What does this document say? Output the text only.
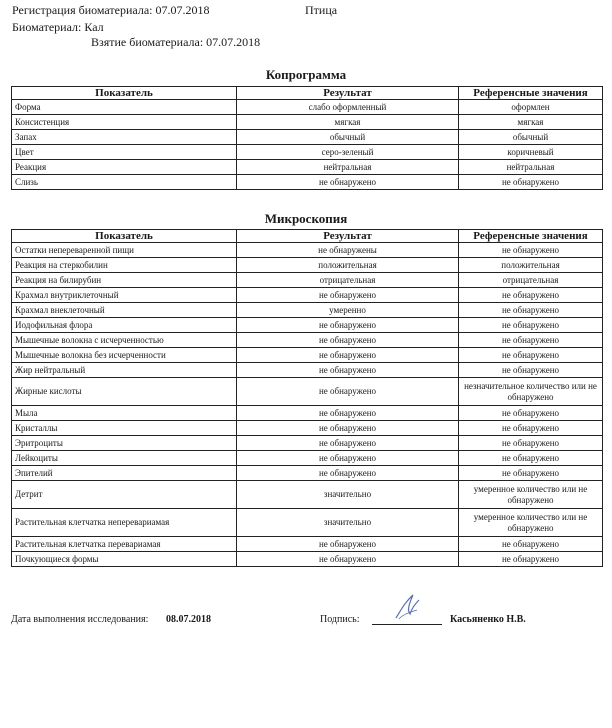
Регистрация биоматериала: 07.07.2018	Птица
Биоматериал: Кал
Взятие биоматериала: 07.07.2018
Копрограмма
Показатель	Результат	Референсные значения
Форма	слабо оформленный	оформлен
Консистенция	мягкая	мягкая
Запах	обычный	обычный
Цвет	серо-зеленый	коричневый
Реакция	нейтральная	нейтральная
Слизь	не обнаружено	не обнаружено
Микроскопия
Показатель	Результат	Референсные значения
Остатки непереваренной пищи	не обнаружены	не обнаружено
Реакция на стеркобилин	положительная	положительная
Реакция на билирубин	отрицательная	отрицательная
Крахмал внутриклеточный	не обнаружено	не обнаружено
Крахмал внеклеточный	умеренно	не обнаружено
Иодофильная флора	не обнаружено	не обнаружено
Мышечные волокна с исчерченностью	не обнаружено	не обнаружено
Мышечные волокна без исчерченности	не обнаружено	не обнаружено
Жир нейтральный	не обнаружено	не обнаружено
Жирные кислоты	не обнаружено	незначительное количество или не обнаружено
Мыла	не обнаружено	не обнаружено
Кристаллы	не обнаружено	не обнаружено
Эритроциты	не обнаружено	не обнаружено
Лейкоциты	не обнаружено	не обнаружено
Эпителий	не обнаружено	не обнаружено
Детрит	значительно	умеренное количество или не обнаружено
Растительная клетчатка неперевариамая	значительно	умеренное количество или не обнаружено
Растительная клетчатка перевариамая	не обнаружено	не обнаружено
Почкующиеся формы	не обнаружено	не обнаружено
Дата выполнения исследования: 08.07.2018	Подпись:	Касьяненко Н.В.
